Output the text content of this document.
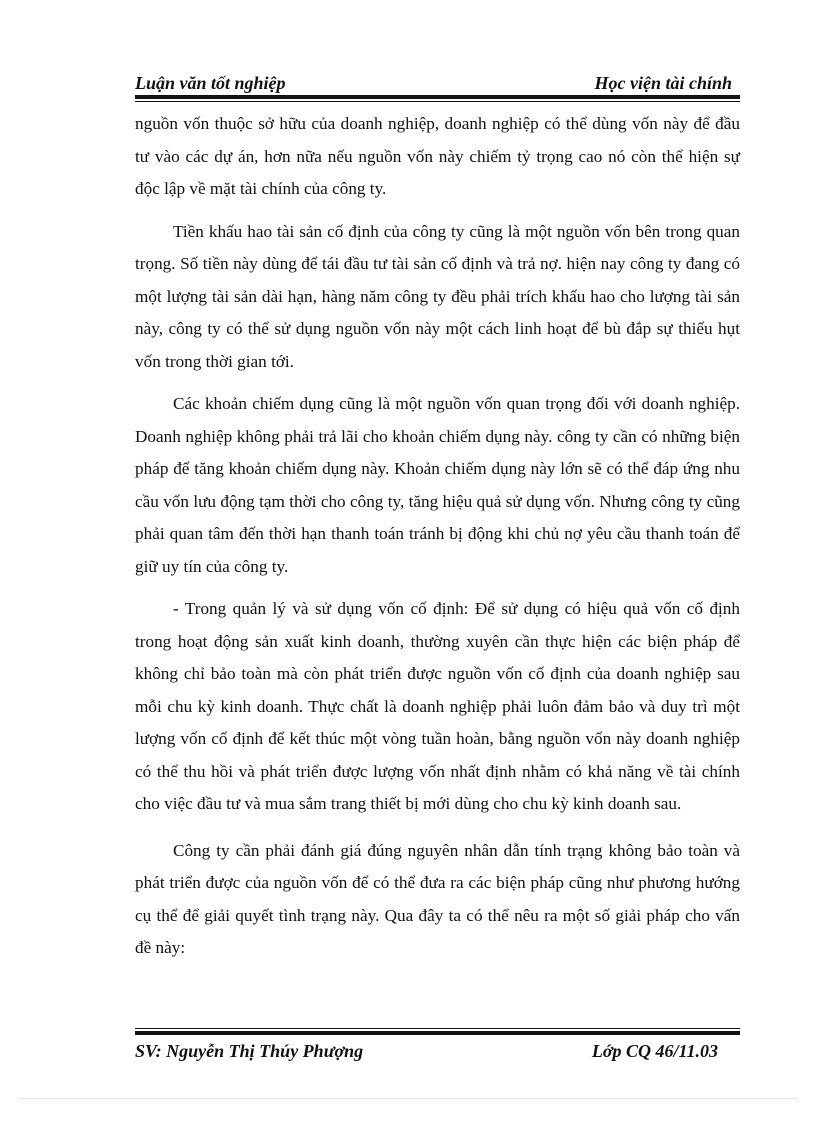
Luận văn tốt nghiệp	Học viện tài chính

nguồn vốn thuộc sở hữu của doanh nghiệp, doanh nghiệp có thể dùng vốn này để đầu tư vào các dự án, hơn nữa nếu nguồn vốn này chiếm tỷ trọng cao nó còn thể hiện sự độc lập về mặt tài chính của công ty.

Tiền khấu hao tài sản cố định của công ty cũng là một nguồn vốn bên trong quan trọng. Số tiền này dùng để tái đầu tư tài sản cố định và trả nợ. hiện nay công ty đang có một lượng tài sản dài hạn, hàng năm công ty đều phải trích khấu hao cho lượng tài sản này, công ty có thể sử dụng nguồn vốn này một cách linh hoạt để bù đắp sự thiếu hụt vốn trong thời gian tới.

Các khoản chiếm dụng cũng là một nguồn vốn quan trọng đối với doanh nghiệp. Doanh nghiệp không phải trả lãi cho khoản chiếm dụng này. công ty cần có những biện pháp để tăng khoản chiếm dụng này. Khoản chiếm dụng này lớn sẽ có thể đáp ứng nhu cầu vốn lưu động tạm thời cho công ty, tăng hiệu quả sử dụng vốn. Nhưng công ty cũng phải quan tâm đến thời hạn thanh toán tránh bị động khi chủ nợ yêu cầu thanh toán để giữ uy tín của công ty.

- Trong quản lý và sử dụng vốn cố định: Để sử dụng có hiệu quả vốn cố định trong hoạt động sản xuất kinh doanh, thường xuyên cần thực hiện các biện pháp để không chỉ bảo toàn mà còn phát triển được nguồn vốn cố định của doanh nghiệp sau mỗi chu kỳ kinh doanh. Thực chất là doanh nghiệp phải luôn đảm bảo và duy trì một lượng vốn cố định để kết thúc một vòng tuần hoàn, bằng nguồn vốn này doanh nghiệp có thể thu hồi và phát triển được lượng vốn nhất định nhằm có khả năng về tài chính cho việc đầu tư và mua sắm trang thiết bị mới dùng cho chu kỳ kinh doanh sau.

Công ty cần phải đánh giá đúng nguyên nhân dẫn tính trạng không bảo toàn và phát triển được của nguồn vốn để có thể đưa ra các biện pháp cũng như phương hướng cụ thể để giải quyết tình trạng này. Qua đây ta có thể nêu ra một số giải pháp cho vấn đề này:

SV: Nguyễn Thị Thúy Phượng	Lớp CQ 46/11.03
